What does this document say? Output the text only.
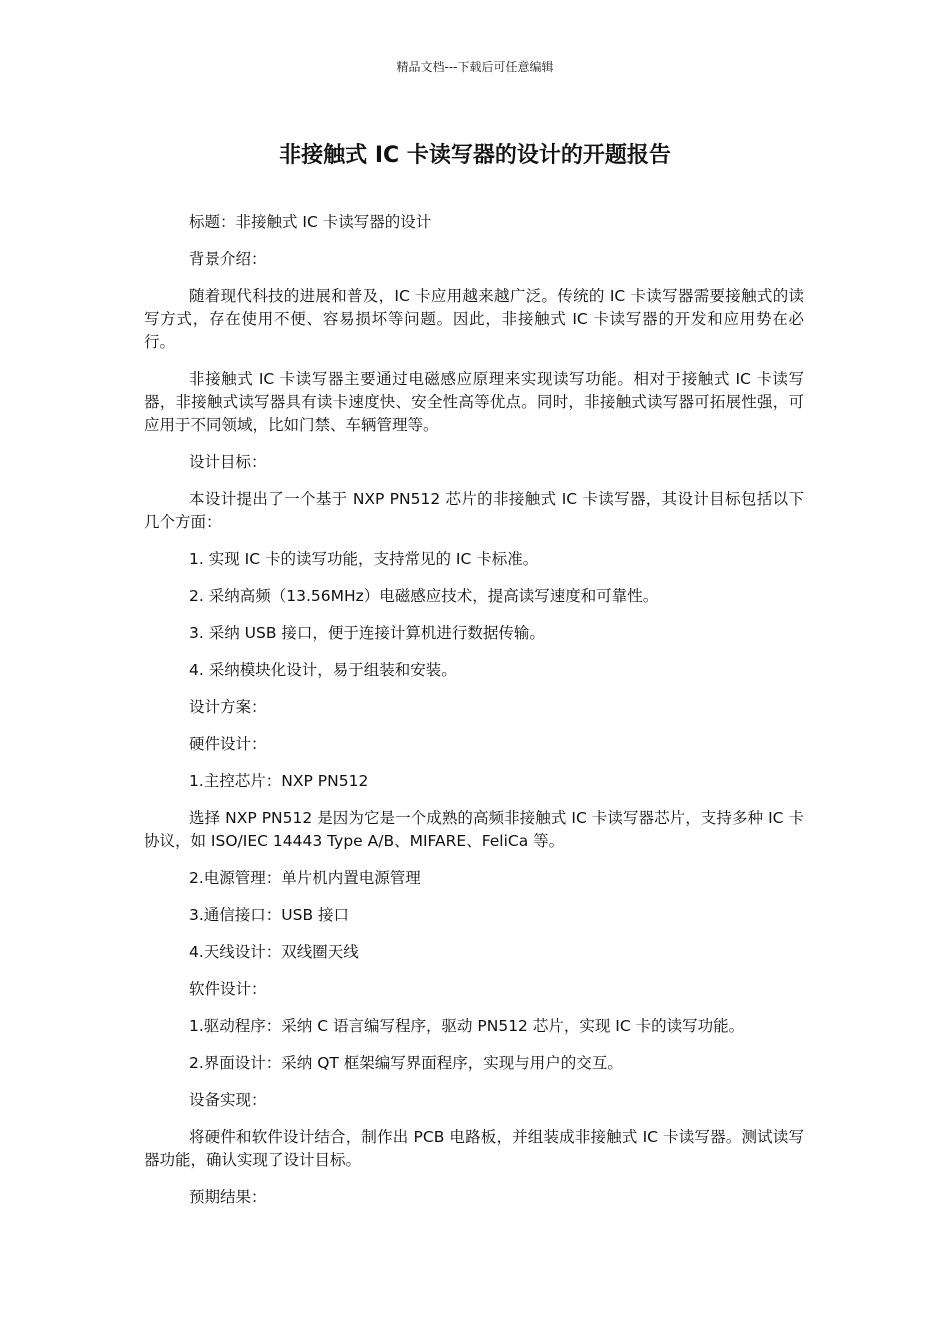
精品文档---下载后可任意编辑
非接触式 IC 卡读写器的设计的开题报告

标题：非接触式 IC 卡读写器的设计

背景介绍：

随着现代科技的进展和普及，IC 卡应用越来越广泛。传统的 IC 卡读写器需要接触式的读写方式，存在使用不便、容易损坏等问题。因此，非接触式 IC 卡读写器的开发和应用势在必行。

非接触式 IC 卡读写器主要通过电磁感应原理来实现读写功能。相对于接触式 IC 卡读写器，非接触式读写器具有读卡速度快、安全性高等优点。同时，非接触式读写器可拓展性强，可应用于不同领域，比如门禁、车辆管理等。

设计目标：

本设计提出了一个基于 NXP PN512 芯片的非接触式 IC 卡读写器，其设计目标包括以下几个方面：

1. 实现 IC 卡的读写功能，支持常见的 IC 卡标准。

2. 采纳高频（13.56MHz）电磁感应技术，提高读写速度和可靠性。

3. 采纳 USB 接口，便于连接计算机进行数据传输。

4. 采纳模块化设计，易于组装和安装。

设计方案：

硬件设计：

1.主控芯片：NXP PN512

选择 NXP PN512 是因为它是一个成熟的高频非接触式 IC 卡读写器芯片，支持多种 IC 卡协议，如 ISO/IEC 14443 Type A/B、MIFARE、FeliCa 等。

2.电源管理：单片机内置电源管理

3.通信接口：USB 接口

4.天线设计：双线圈天线

软件设计：

1.驱动程序：采纳 C 语言编写程序，驱动 PN512 芯片，实现 IC 卡的读写功能。

2.界面设计：采纳 QT 框架编写界面程序，实现与用户的交互。

设备实现：

将硬件和软件设计结合，制作出 PCB 电路板，并组装成非接触式 IC 卡读写器。测试读写器功能，确认实现了设计目标。

预期结果：
